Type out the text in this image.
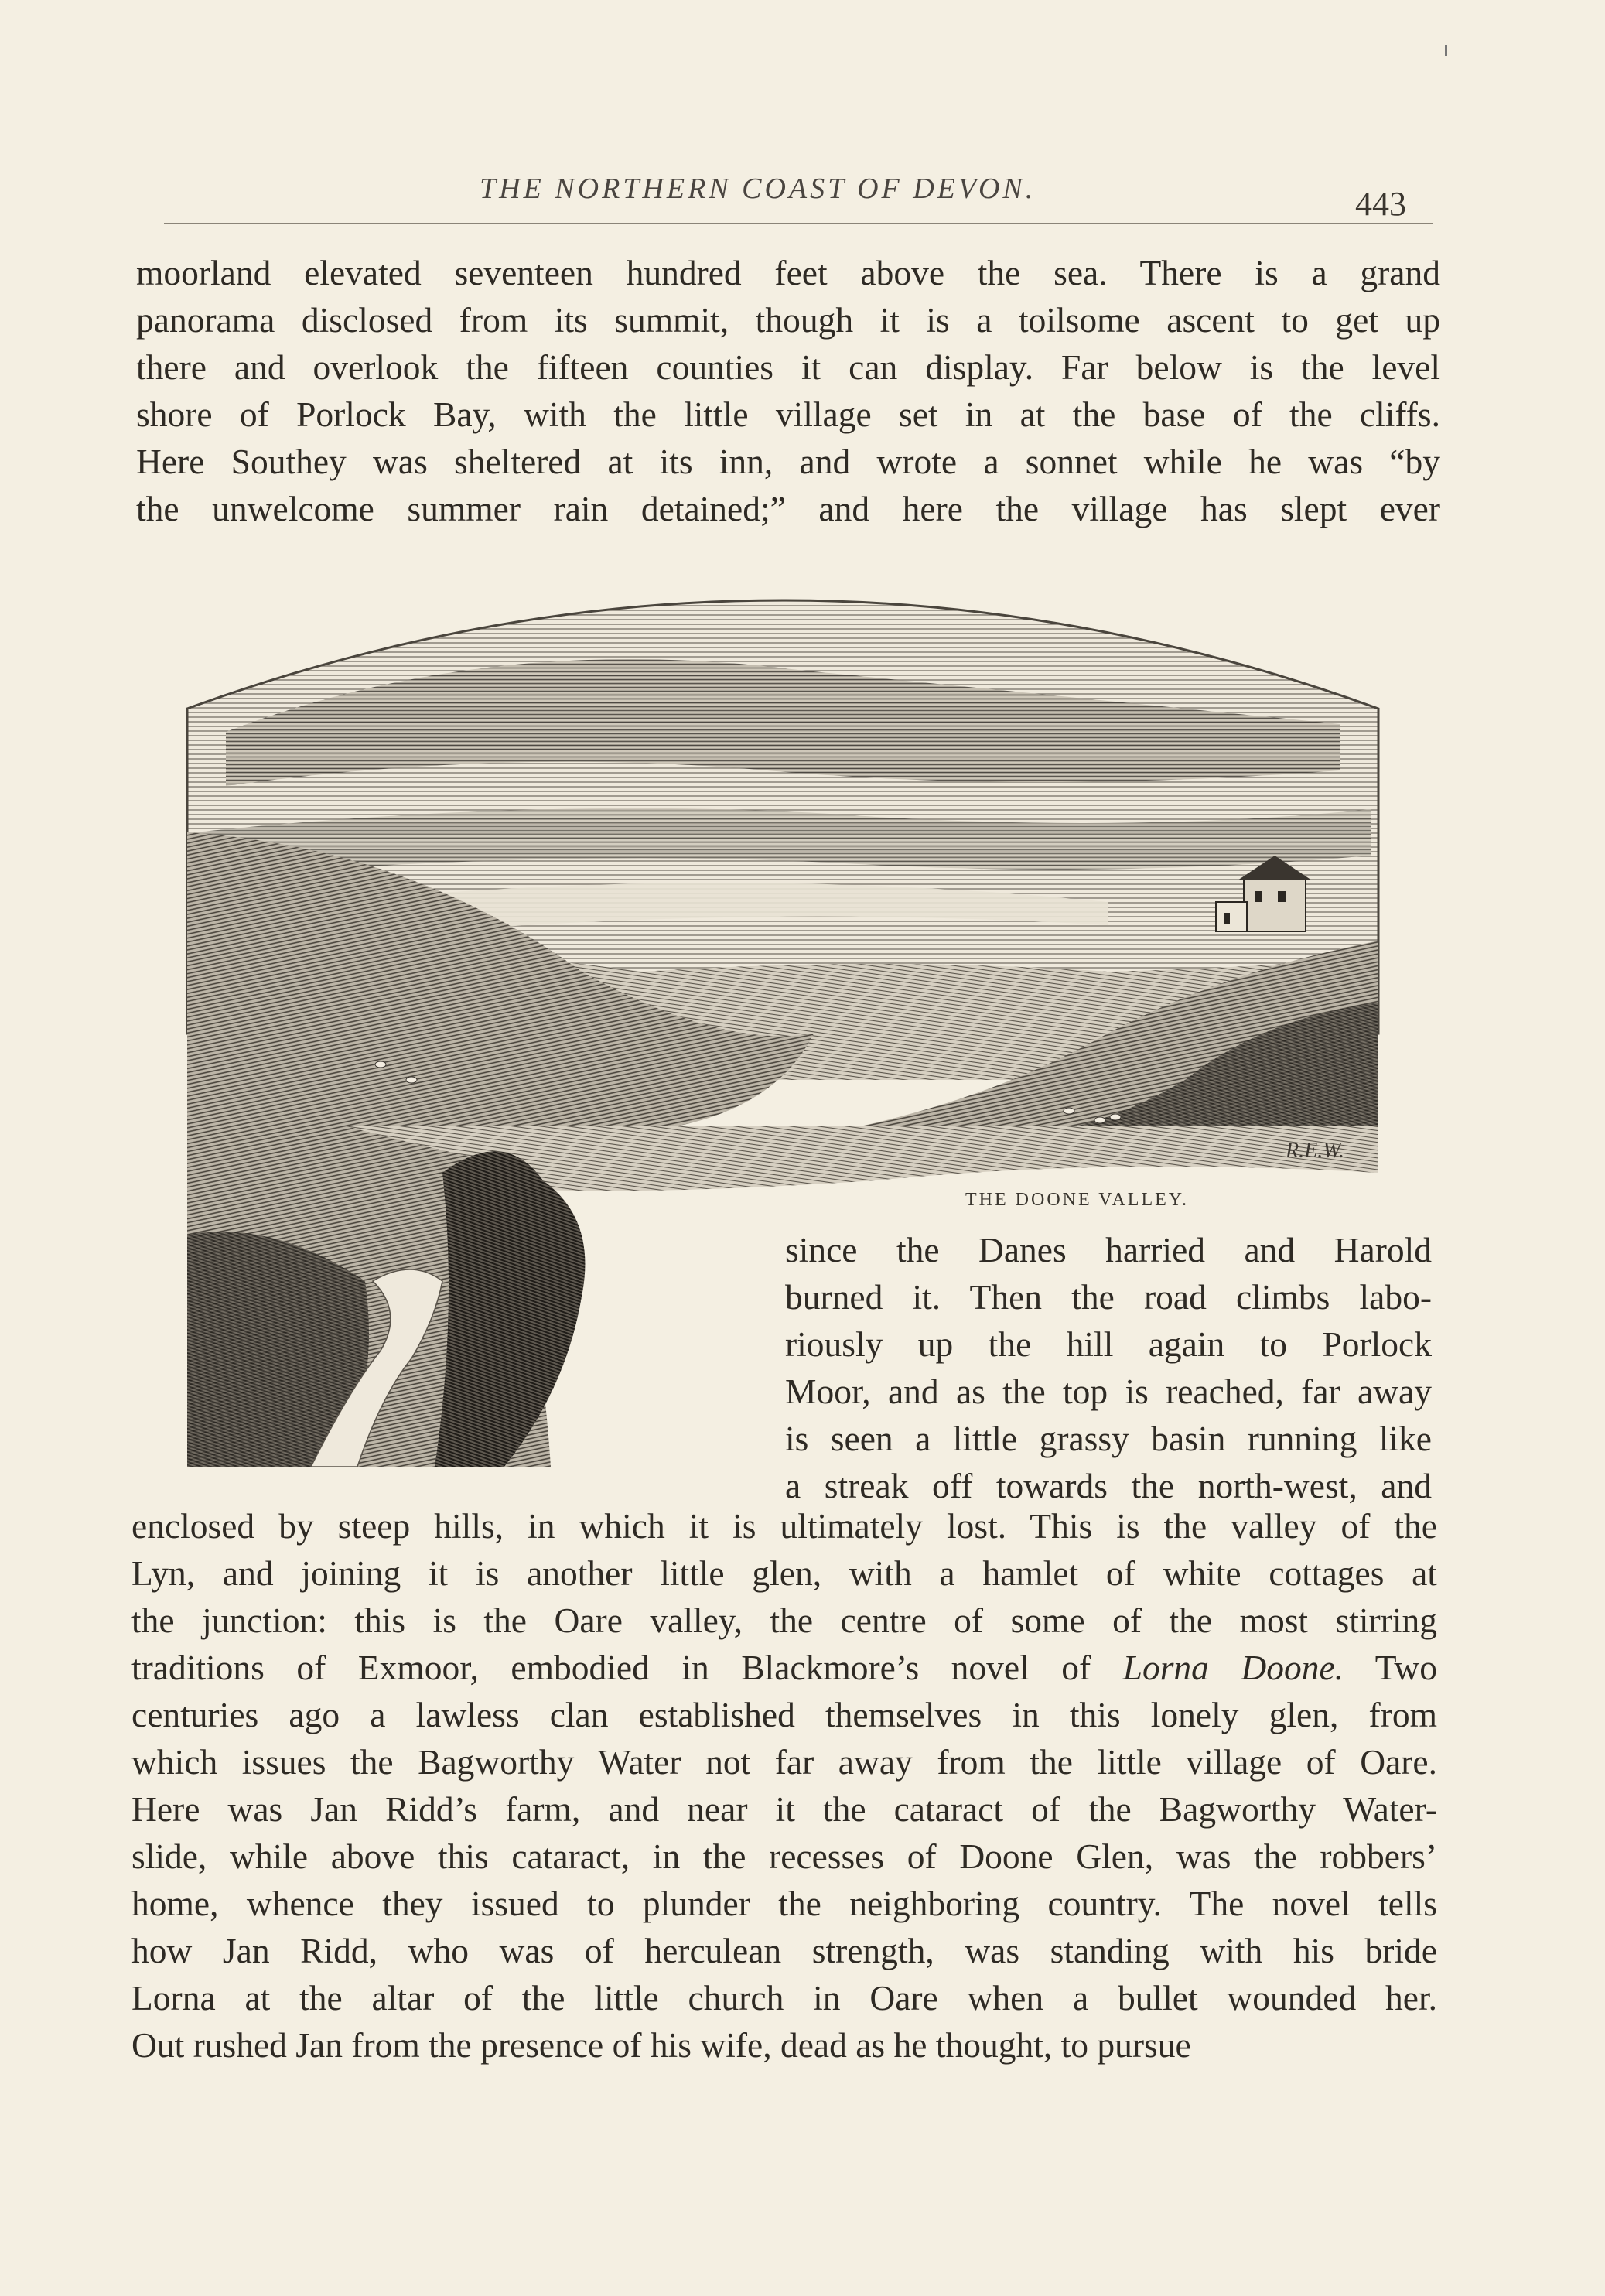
THE NORTHERN COAST OF DEVON.	443
moorland elevated seventeen hundred feet above the sea. There is a grand
panorama disclosed from its summit, though it is a toilsome ascent to get up
there and overlook the fifteen counties it can display. Far below is the level
shore of Porlock Bay, with the little village set in at the base of the cliffs.
Here Southey was sheltered at its inn, and wrote a sonnet while he was “by
the unwelcome summer rain detained;” and here the village has slept ever
R.E.W.
THE DOONE VALLEY.
since the Danes harried and Harold
burned it. Then the road climbs labo-
riously up the hill again to Porlock
Moor, and as the top is reached, far away
is seen a little grassy basin running like
a streak off towards the north-west, and
enclosed by steep hills, in which it is ultimately lost. This is the valley of the
Lyn, and joining it is another little glen, with a hamlet of white cottages at
the junction: this is the Oare valley, the centre of some of the most stirring
traditions of Exmoor, embodied in Blackmore’s novel of Lorna Doone. Two
centuries ago a lawless clan established themselves in this lonely glen, from
which issues the Bagworthy Water not far away from the little village of Oare.
Here was Jan Ridd’s farm, and near it the cataract of the Bagworthy Water-
slide, while above this cataract, in the recesses of Doone Glen, was the robbers’
home, whence they issued to plunder the neighboring country. The novel tells
how Jan Ridd, who was of herculean strength, was standing with his bride
Lorna at the altar of the little church in Oare when a bullet wounded her.
Out rushed Jan from the presence of his wife, dead as he thought, to pursue
